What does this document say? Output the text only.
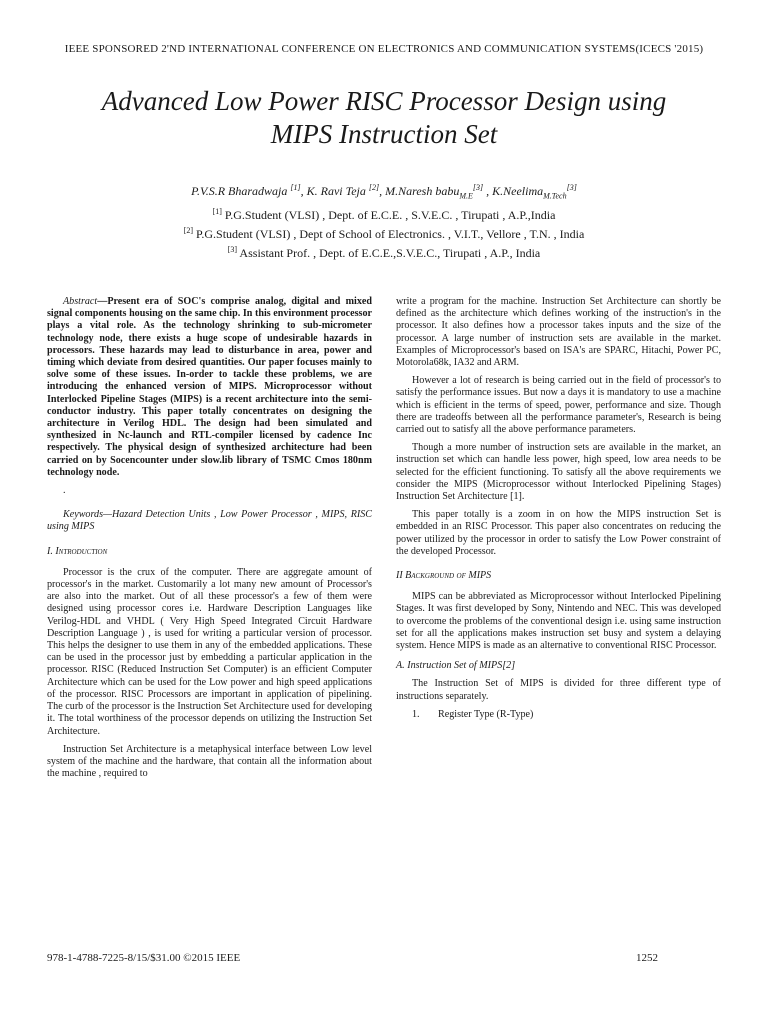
IEEE SPONSORED 2'ND INTERNATIONAL CONFERENCE ON ELECTRONICS AND COMMUNICATION SYSTEMS(ICECS '2015)
Advanced Low Power RISC Processor Design using
MIPS Instruction Set
P.V.S.R Bharadwaja [1], K. Ravi Teja [2], M.Naresh babu$_{M.E}$[3] , K.Neelima$_{M.Tech}$[3]
[1] P.G.Student (VLSI) , Dept. of E.C.E. , S.V.E.C. , Tirupati , A.P.,India
[2] P.G.Student (VLSI) , Dept of School of Electronics. , V.I.T., Vellore , T.N. , India
[3] Assistant Prof. , Dept. of E.C.E.,S.V.E.C., Tirupati , A.P., India

Abstract—Present era of SOC's comprise analog, digital and mixed signal components housing on the same chip. In this environment processor plays a vital role. As the technology shrinking to sub-micrometer technology node, there exists a huge scope of undesirable hazards in processors. These hazards may lead to disturbance in area, power and timing which deviate from desired quantities. Our paper focuses mainly to solve some of these issues. In-order to tackle these problems, we are introducing the enhanced version of MIPS. Microprocessor without Interlocked Pipeline Stages (MIPS) is a recent architecture into the semi-conductor industry. This paper totally concentrates on designing the architecture in Verilog HDL. The design had been simulated and synthesized in Nc-launch and RTL-compiler licensed by cadence Inc respectively. The physical design of synthesized architecture had been carried on by Socencounter under slow.lib library of TSMC Cmos 180nm technology node.

.

Keywords—Hazard Detection Units , Low Power Processor , MIPS, RISC using MIPS

I. Introduction

Processor is the crux of the computer. There are aggregate amount of processor's in the market. Customarily a lot many new amount of Processor's are also into the market. Out of all these processor's a few of them were designed using processor cores i.e. Hardware Description Languages like Verilog-HDL and VHDL ( Very High Speed Integrated Circuit Hardware Description Language ) , is used for writing a particular version of processor. This helps the designer to use them in any of the embedded applications. These can be used in the processor just by embedding a particular application in the processor. RISC (Reduced Instruction Set Computer) is an efficient Computer Architecture which can be used for the Low power and high speed applications of the processor. RISC Processors are important in application of pipelining. The curb of the processor is the Instruction Set Architecture used for developing it. The total worthiness of the processor depends on utilizing the Instruction Set Architecture.

Instruction Set Architecture is a metaphysical interface between Low level system of the machine and the hardware, that contain all the information about the machine , required to

write a program for the machine. Instruction Set Architecture can shortly be defined as the architecture which defines working of the instruction's in the processor. It also defines how a processor takes inputs and the size of the processor. A large number of instruction sets are available in the market. Examples of Microprocessor's based on ISA's are SPARC, Hitachi, Power PC, Motorola68k, IA32 and ARM.

However a lot of research is being carried out in the field of processor's to satisfy the performance issues. But now a days it is mandatory to use a machine which is efficient in the terms of speed, power, performance and size. Though there are tradeoffs between all the performance parameter's, Research is being carried out to satisfy all the above performance parameters.

Though a more number of instruction sets are available in the market, an instruction set which can handle less power, high speed, low area needs to be selected for the efficient functioning. To satisfy all the above requirements we consider the MIPS (Microprocessor without Interlocked Pipelining Stages) Instruction Set Architecture [1].

This paper totally is a zoom in on how the MIPS instruction Set is embedded in an RISC Processor. This paper also concentrates on reducing the power utilized by the processor in order to satisfy the Low Power constraint of the developed Processor.

II Background of MIPS

MIPS can be abbreviated as Microprocessor without Interlocked Pipelining Stages. It was first developed by Sony, Nintendo and NEC. This was developed to overcome the problems of the conventional design i.e. using same instruction set for all the applications makes instruction set busy and system a delaying system. Hence MIPS is made as an alternative to conventional RISC Processor.

A. Instruction Set of MIPS[2]

The Instruction Set of MIPS is divided for three different type of instructions separately.

1. Register Type (R-Type)
978-1-4788-7225-8/15/$31.00 ©2015 IEEE	1252
